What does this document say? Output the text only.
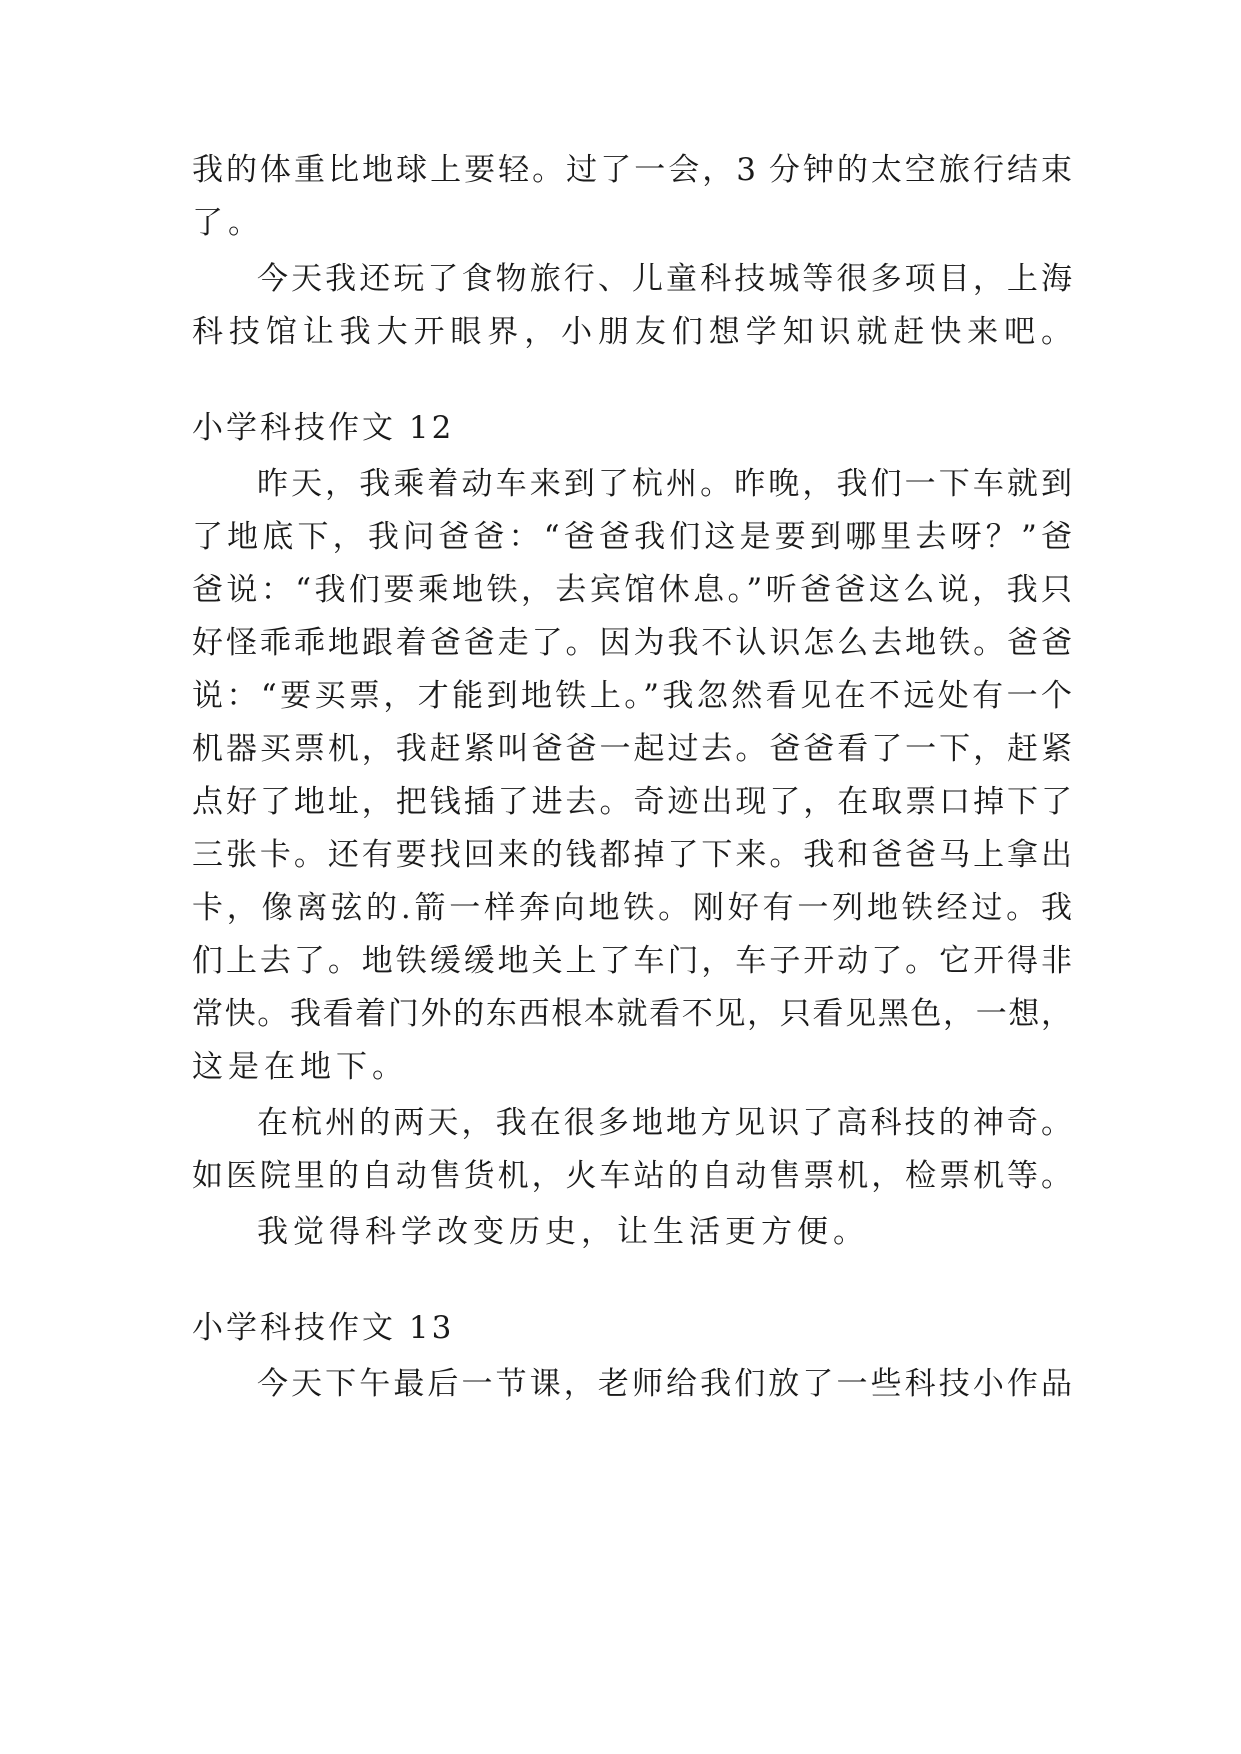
我的体重比地球上要轻。过了一会，3 分钟的太空旅行结束
了。
今天我还玩了食物旅行、儿童科技城等很多项目，上海
科技馆让我大开眼界，小朋友们想学知识就赶快来吧。
小学科技作文 12
昨天，我乘着动车来到了杭州。昨晚，我们一下车就到
了地底下，我问爸爸：“爸爸我们这是要到哪里去呀？”爸
爸说：“我们要乘地铁，去宾馆休息。”听爸爸这么说，我只
好怪乖乖地跟着爸爸走了。因为我不认识怎么去地铁。爸爸
说：“要买票，才能到地铁上。”我忽然看见在不远处有一个
机器买票机，我赶紧叫爸爸一起过去。爸爸看了一下，赶紧
点好了地址，把钱插了进去。奇迹出现了，在取票口掉下了
三张卡。还有要找回来的钱都掉了下来。我和爸爸马上拿出
卡，像离弦的.箭一样奔向地铁。刚好有一列地铁经过。我
们上去了。地铁缓缓地关上了车门，车子开动了。它开得非
常快。我看着门外的东西根本就看不见，只看见黑色，一想，
这是在地下。
在杭州的两天，我在很多地地方见识了高科技的神奇。
如医院里的自动售货机，火车站的自动售票机，检票机等。
我觉得科学改变历史，让生活更方便。
小学科技作文 13
今天下午最后一节课，老师给我们放了一些科技小作品
